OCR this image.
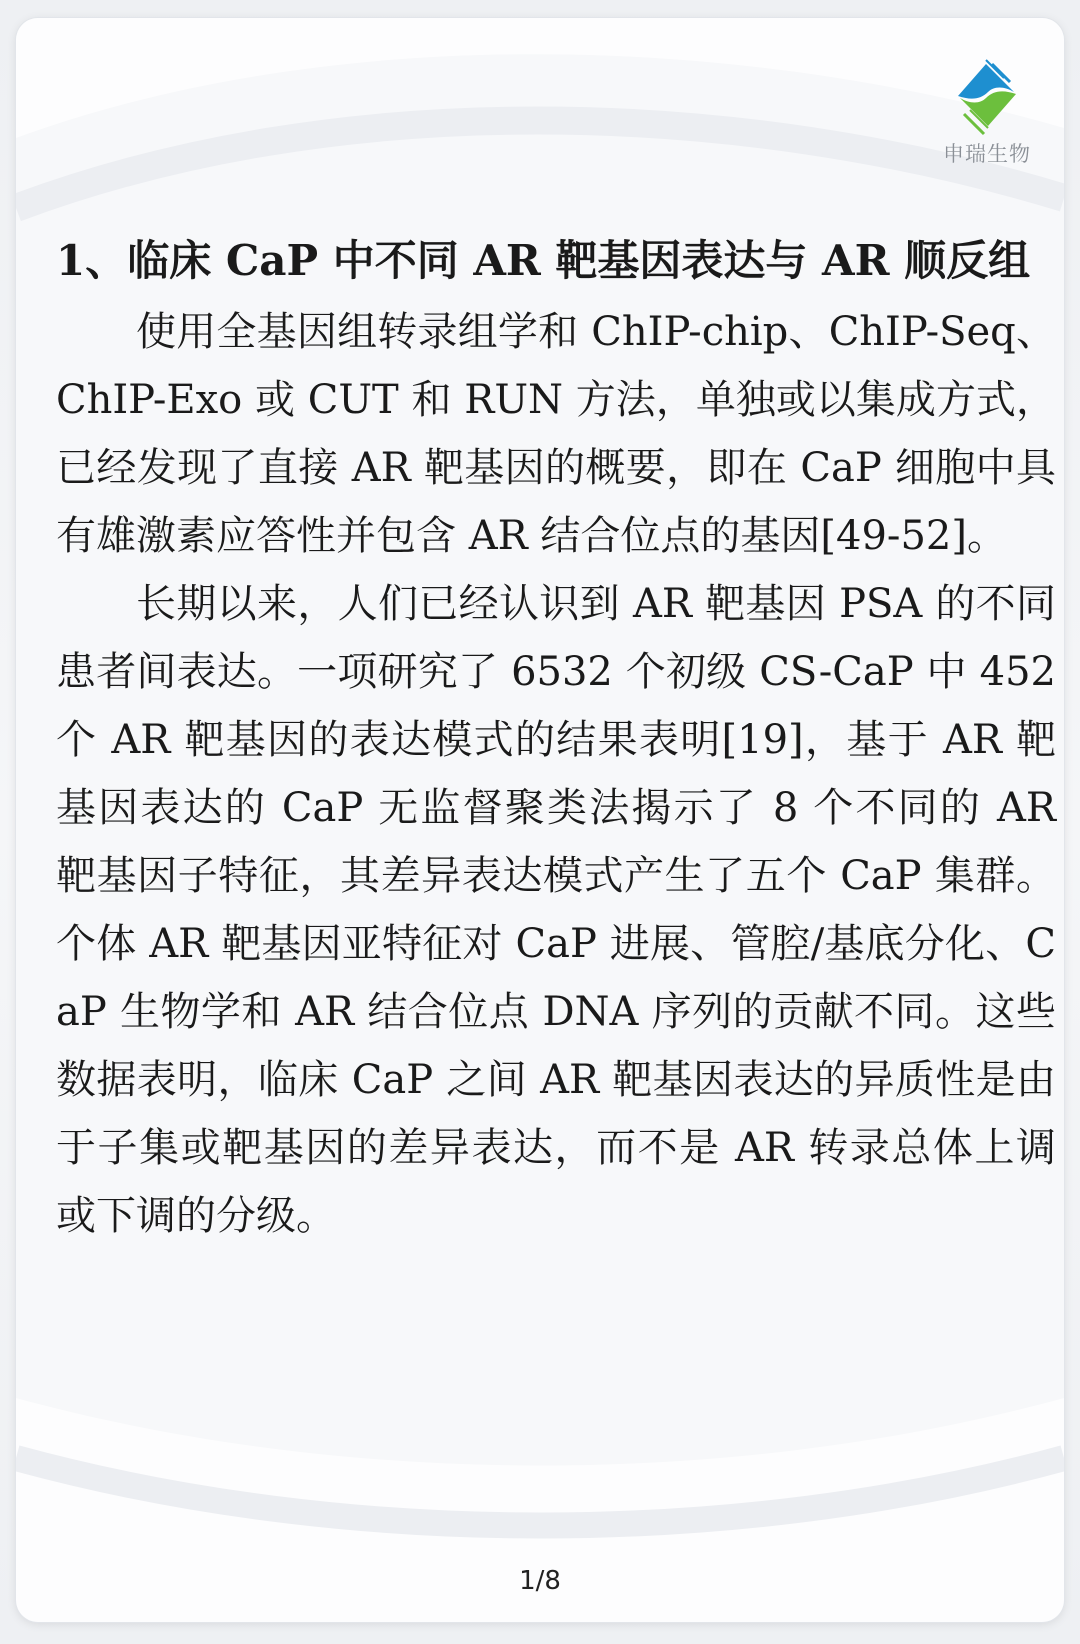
申瑞生物
1、临床 CaP 中不同 AR 靶基因表达与 AR 顺反组

使用全基因组转录组学和 ChIP-chip、ChIP-Seq、ChIP-Exo 或 CUT 和 RUN 方法，单独或以集成方式，已经发现了直接 AR 靶基因的概要，即在 CaP 细胞中具有雄激素应答性并包含 AR 结合位点的基因[49-52]。

长期以来，人们已经认识到 AR 靶基因 PSA 的不同患者间表达。一项研究了 6532 个初级 CS-CaP 中 452 个 AR 靶基因的表达模式的结果表明[19]，基于 AR 靶基因表达的 CaP 无监督聚类法揭示了 8 个不同的 AR 靶基因子特征，其差异表达模式产生了五个 CaP 集群。个体 AR 靶基因亚特征对 CaP 进展、管腔/基底分化、CaP 生物学和 AR 结合位点 DNA 序列的贡献不同。这些数据表明，临床 CaP 之间 AR 靶基因表达的异质性是由于子集或靶基因的差异表达，而不是 AR 转录总体上调或下调的分级。

1/8
